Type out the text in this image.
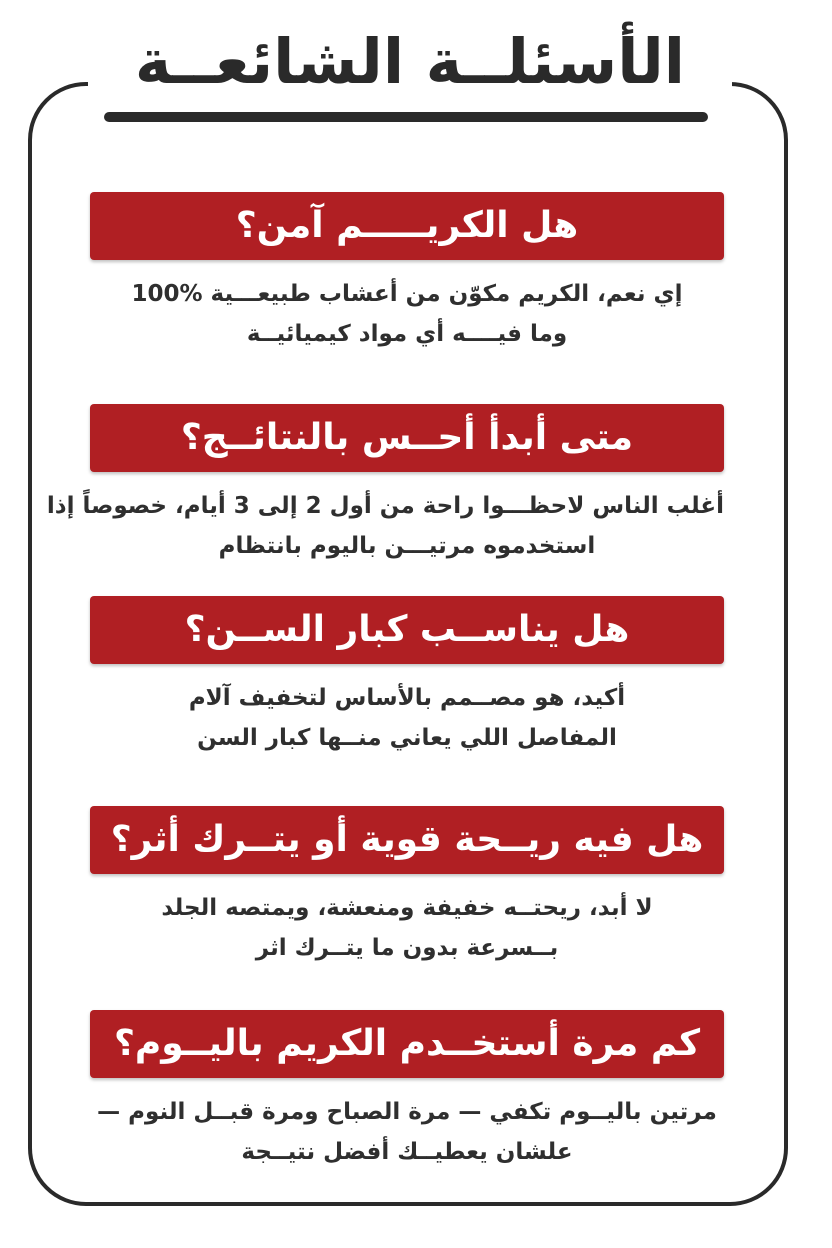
الأسئلــة الشائعــة
هل الكريـــــم آمن؟
إي نعم، الكريم مكوّن من أعشاب طبيعـــية %100
وما فيــــه أي مواد كيميائيــة
متى أبدأ أحــس بالنتائــج؟
أغلب الناس لاحظـــوا راحة من أول 2 إلى 3 أيام، خصوصاً إذا
استخدموه مرتيـــن باليوم بانتظام
هل يناســب كبار الســن؟
أكيد، هو مصــمم بالأساس لتخفيف آلام
المفاصل اللي يعاني منــها كبار السن
هل فيه ريــحة قوية أو يتــرك أثر؟
لا أبد، ريحتــه خفيفة ومنعشة، ويمتصه الجلد
بــسرعة بدون ما يتــرك اثر
كم مرة أستخــدم الكريم باليــوم؟
مرتين باليــوم تكفي — مرة الصباح ومرة قبــل النوم —
علشان يعطيــك أفضل نتيــجة
